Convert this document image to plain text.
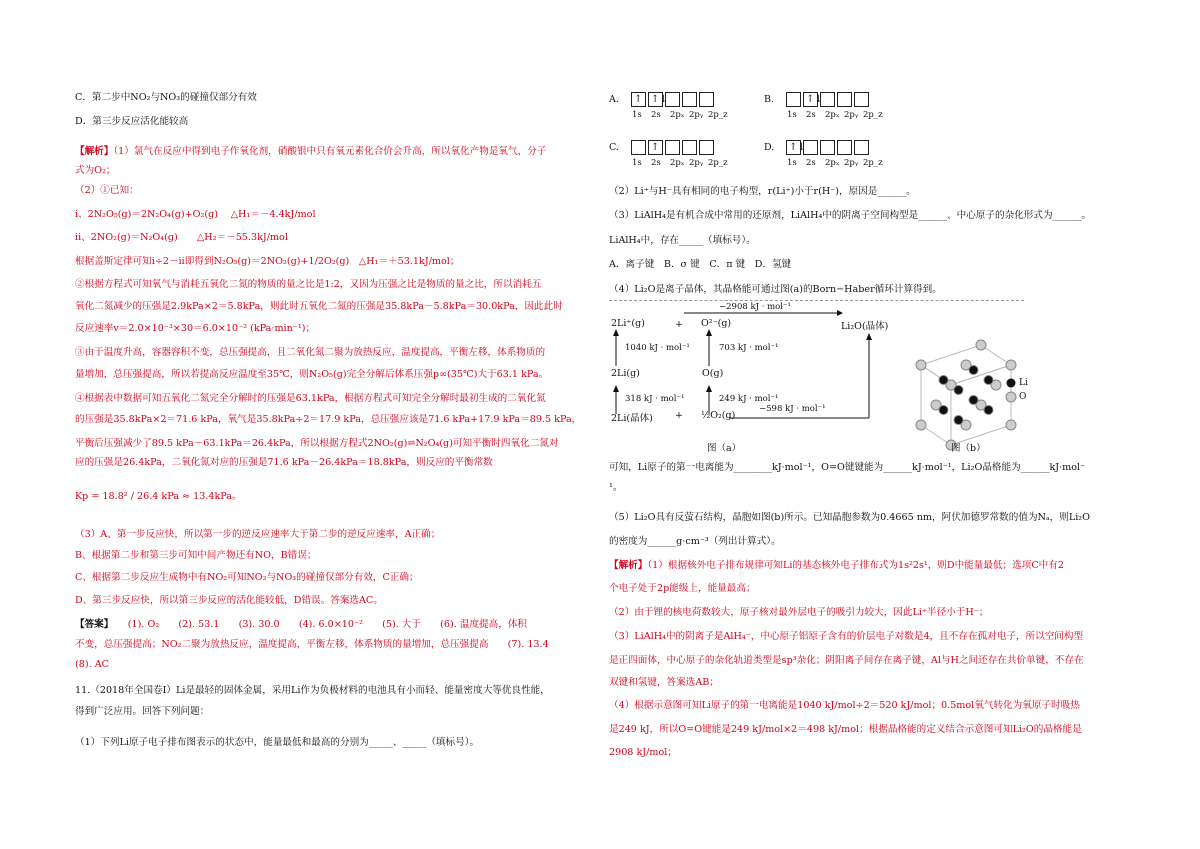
C．第二步中NO₂与NO₃的碰撞仅部分有效
D．第三步反应活化能较高
【解析】（1）氯气在反应中得到电子作氧化剂，硝酸银中只有氧元素化合价会升高，所以氧化产物是氧气，分子
式为O₂；
（2）①已知：
ⅰ、2N₂O₅(g)＝2N₂O₄(g)+O₂(g)　 △H₁＝－4.4kJ/mol
ⅱ、2NO₂(g)＝N₂O₄(g)　　△H₂＝－55.3kJ/mol
根据盖斯定律可知ⅰ÷2－ⅱ即得到N₂O₅(g)＝2NO₂(g)+1/2O₂(g)　△H₁＝＋53.1kJ/mol；
②根据方程式可知氧气与消耗五氧化二氮的物质的量之比是1:2，又因为压强之比是物质的量之比，所以消耗五
氧化二氮减少的压强是2.9kPa×2＝5.8kPa，则此时五氧化二氮的压强是35.8kPa－5.8kPa＝30.0kPa，因此此时
反应速率v＝2.0×10⁻³×30＝6.0×10⁻² (kPa·min⁻¹)；
③由于温度升高，容器容积不变，总压强提高，且二氧化氮二聚为放热反应，温度提高，平衡左移，体系物质的
量增加，总压强提高，所以若提高反应温度至35℃，则N₂O₅(g)完全分解后体系压强p∞(35℃)大于63.1 kPa。
④根据表中数据可知五氧化二氮完全分解时的压强是63.1kPa，根据方程式可知完全分解时最初生成的二氧化氮
的压强是35.8kPa×2＝71.6 kPa，氧气是35.8kPa÷2＝17.9 kPa，总压强应该是71.6 kPa+17.9 kPa＝89.5 kPa，
平衡后压强减少了89.5 kPa－63.1kPa＝26.4kPa，所以根据方程式2NO₂(g)⇌N₂O₄(g)可知平衡时四氧化二氮对
应的压强是26.4kPa，二氧化氮对应的压强是71.6 kPa－26.4kPa＝18.8kPa，则反应的平衡常数
Kp = 18.8² / 26.4 kPa ≈ 13.4kPa。
（3）A、第一步反应快，所以第一步的逆反应速率大于第二步的逆反应速率，A正确；
B、根据第二步和第三步可知中间产物还有NO，B错误；
C、根据第二步反应生成物中有NO₂可知NO₂与NO₃的碰撞仅部分有效，C正确；
D、第三步反应快，所以第三步反应的活化能较低，D错误。答案选AC。
【答案】　　(1). O₂　　(2). 53.1　　(3). 30.0　　(4). 6.0×10⁻²　　(5). 大于　　(6). 温度提高，体积
不变，总压强提高；NO₂二聚为放热反应，温度提高，平衡左移，体系物质的量增加，总压强提高　　(7). 13.4
(8). AC
11.（2018年全国卷Ⅰ）Li是最轻的固体金属，采用Li作为负极材料的电池具有小而轻、能量密度大等优良性能，
得到广泛应用。回答下列问题：
（1）下列Li原子电子排布图表示的状态中，能量最低和最高的分别为_____、_____（填标号）。
A.	↑ ↑↓
1s 2s 2pₓ 2pᵧ 2p_z
B.	↑↓
1s 2s 2pₓ 2pᵧ 2p_z
C.	↑
1s 2s 2pₓ 2pᵧ 2p_z
D.	↑↓
1s 2s 2pₓ 2pᵧ 2p_z
−2908 kJ · mol⁻¹
2Li⁺(g)	+ O²⁻(g)	Li₂O(晶体)
1040 kJ · mol⁻¹	703 kJ · mol⁻¹
2Li(g)	O(g)
318 kJ · mol⁻¹	249 kJ · mol⁻¹
2Li(晶体) + ½O₂(g)
−598 kJ · mol⁻¹
图（a）	图（b）
Li
O
（2）Li⁺与H⁻具有相同的电子构型，r(Li⁺)小于r(H⁻)，原因是______。
（3）LiAlH₄是有机合成中常用的还原剂，LiAlH₄中的阴离子空间构型是______、中心原子的杂化形式为______。
LiAlH₄中，存在_____（填标号）。
A．离子键　B．σ 键　C．π 键　D．氢键
（4）Li₂O是离子晶体，其晶格能可通过图(a)的Born−Haber循环计算得到。
可知，Li原子的第一电离能为________kJ·mol⁻¹，O=O键键能为______kJ·mol⁻¹，Li₂O晶格能为______kJ·mol⁻
¹。
（5）Li₂O具有反萤石结构，晶胞如图(b)所示。已知晶胞参数为0.4665 nm，阿伏加德罗常数的值为Nₐ，则Li₂O
的密度为______g·cm⁻³（列出计算式）。
【解析】（1）根据核外电子排布规律可知Li的基态核外电子排布式为1s²2s¹，则D中能量最低；选项C中有2
个电子处于2p能级上，能量最高；
（2）由于锂的核电荷数较大，原子核对最外层电子的吸引力较大，因此Li⁺半径小于H⁻；
（3）LiAlH₄中的阴离子是AlH₄⁻，中心原子铝原子含有的价层电子对数是4，且不存在孤对电子，所以空间构型
是正四面体，中心原子的杂化轨道类型是sp³杂化；阴阳离子间存在离子键，Al与H之间还存在共价单键，不存在
双键和氢键，答案选AB；
（4）根据示意图可知Li原子的第一电离能是1040 kJ/mol÷2＝520 kJ/mol；0.5mol氧气转化为氧原子时吸热
是249 kJ，所以O=O键能是249 kJ/mol×2＝498 kJ/mol；根据晶格能的定义结合示意图可知Li₂O的晶格能是
2908 kJ/mol；
